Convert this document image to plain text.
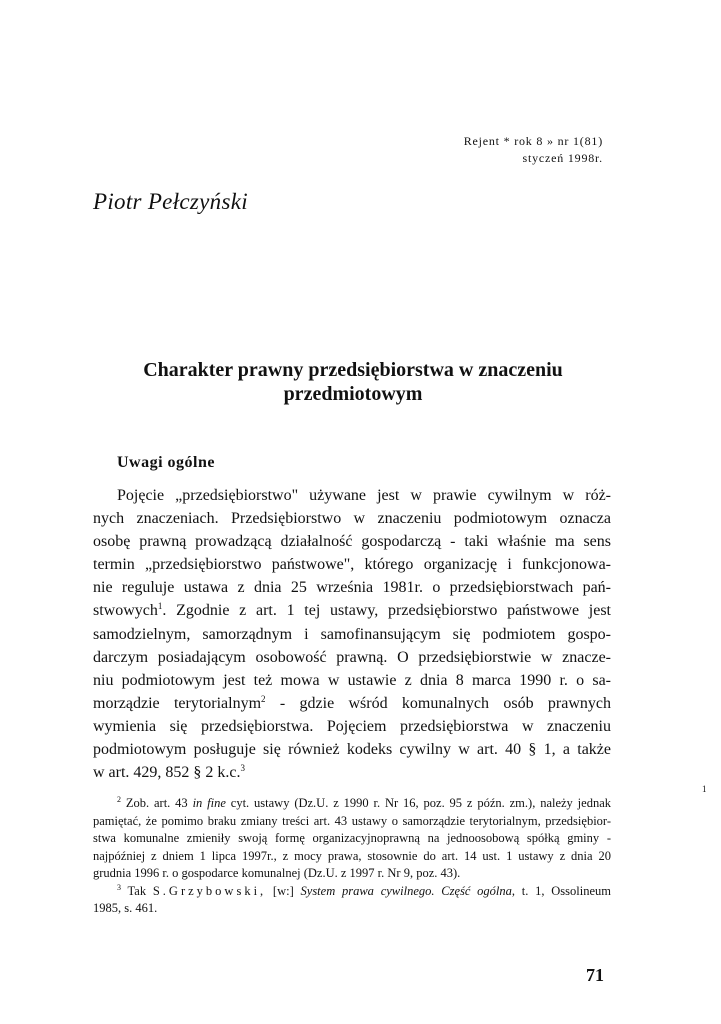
Rejent * rok 8 » nr 1(81)
styczeń 1998r.
Piotr Pełczyński
Charakter prawny przedsiębiorstwa w znaczeniu
przedmiotowym
Uwagi ogólne
Pojęcie „przedsiębiorstwo" używane jest w prawie cywilnym w róż-
nych znaczeniach. Przedsiębiorstwo w znaczeniu podmiotowym oznacza
osobę prawną prowadzącą działalność gospodarczą - taki właśnie ma sens
termin „przedsiębiorstwo państwowe", którego organizację i funkcjonowa-
nie reguluje ustawa z dnia 25 września 1981r. o przedsiębiorstwach pań-
stwowych$^1$. Zgodnie z art. 1 tej ustawy, przedsiębiorstwo państwowe jest
samodzielnym, samorządnym i samofinansującym się podmiotem gospo-
darczym posiadającym osobowość prawną. O przedsiębiorstwie w znacze-
niu podmiotowym jest też mowa w ustawie z dnia 8 marca 1990 r. o sa-
morządzie terytorialnym$^2$ - gdzie wśród komunalnych osób prawnych
wymienia się przedsiębiorstwa. Pojęciem przedsiębiorstwa w znaczeniu
podmiotowym posługuje się również kodeks cywilny w art. 40 § 1, a także
w art. 429, 852 § 2 k.c.$^3$
1
$^2$ Zob. art. 43 in fine cyt. ustawy (Dz.U. z 1990 r. Nr 16, poz. 95 z późn. zm.), należy jednak
pamiętać, że pomimo braku zmiany treści art. 43 ustawy o samorządzie terytorialnym, przedsiębior-
stwa komunalne zmieniły swoją formę organizacyjnoprawną na jednoosobową spółką gminy -
najpóźniej z dniem 1 lipca 1997r., z mocy prawa, stosownie do art. 14 ust. 1 ustawy z dnia 20
grudnia 1996 r. o gospodarce komunalnej (Dz.U. z 1997 r. Nr 9, poz. 43).
$^3$ Tak S.Grzybowski, [w:] System prawa cywilnego. Część ogólna, t. 1, Ossolineum
1985, s. 461.
71
